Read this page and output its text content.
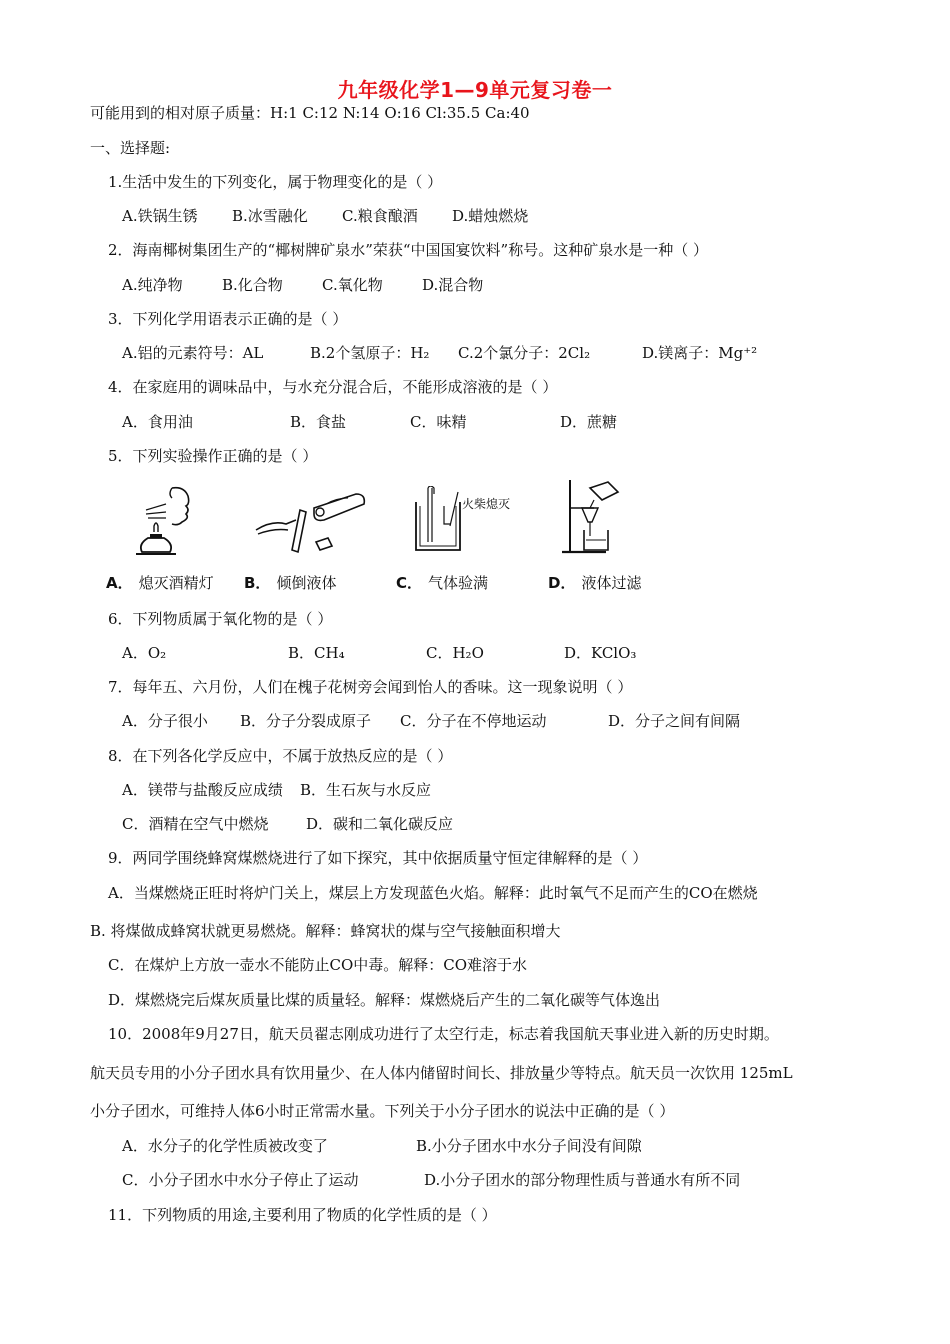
九年级化学1—9单元复习卷一
可能用到的相对原子质量：H:1 C:12 N:14 O:16 Cl:35.5 Ca:40
一、选择题:
1.生活中发生的下列变化，属于物理变化的是（ ）
A.铁锅生锈 B.冰雪融化 C.粮食酿酒 D.蜡烛燃烧
2．海南椰树集团生产的“椰树牌矿泉水”荣获“中国国宴饮料”称号。这种矿泉水是一种（ ）
A.纯净物	B.化合物	C.氧化物	D.混合物
3．下列化学用语表示正确的是（ ）
A.铝的元素符号：AL	B.2个氢原子：H₂ C.2个氯分子：2Cl₂	D.镁离子：Mg⁺²
4．在家庭用的调味品中，与水充分混合后，不能形成溶液的是（ ）
A．食用油	B．食盐	C．味精	D．蔗糖
5．下列实验操作正确的是（ ）
火柴熄灭
A． 熄灭酒精灯 B． 倾倒液体	C． 气体验满	D． 液体过滤
6．下列物质属于氧化物的是（ ）
A．O₂	B．CH₄	C．H₂O	D．KClO₃
7．每年五、六月份，人们在槐子花树旁会闻到怡人的香味。这一现象说明（ ）
A．分子很小 B．分子分裂成原子 C．分子在不停地运动	D．分子之间有间隔
8．在下列各化学反应中，不属于放热反应的是（ ）
A．镁带与盐酸反应成绩 B．生石灰与水反应
C．酒精在空气中燃烧	D．碳和二氧化碳反应
9．两同学围绕蜂窝煤燃烧进行了如下探究，其中依据质量守恒定律解释的是（ ）
A．当煤燃烧正旺时将炉门关上，煤层上方发现蓝色火焰。解释：此时氧气不足而产生的CO在燃烧
B. 将煤做成蜂窝状就更易燃烧。解释：蜂窝状的煤与空气接触面积增大
C．在煤炉上方放一壶水不能防止CO中毒。解释：CO难溶于水
D．煤燃烧完后煤灰质量比煤的质量轻。解释：煤燃烧后产生的二氧化碳等气体逸出
10．2008年9月27日，航天员翟志刚成功进行了太空行走，标志着我国航天事业进入新的历史时期。
航天员专用的小分子团水具有饮用量少、在人体内储留时间长、排放量少等特点。航天员一次饮用 125mL
小分子团水，可维持人体6小时正常需水量。下列关于小分子团水的说法中正确的是（ ）
A．水分子的化学性质被改变了	B.小分子团水中水分子间没有间隙
C．小分子团水中水分子停止了运动	D.小分子团水的部分物理性质与普通水有所不同
11．下列物质的用途,主要利用了物质的化学性质的是（ ）
